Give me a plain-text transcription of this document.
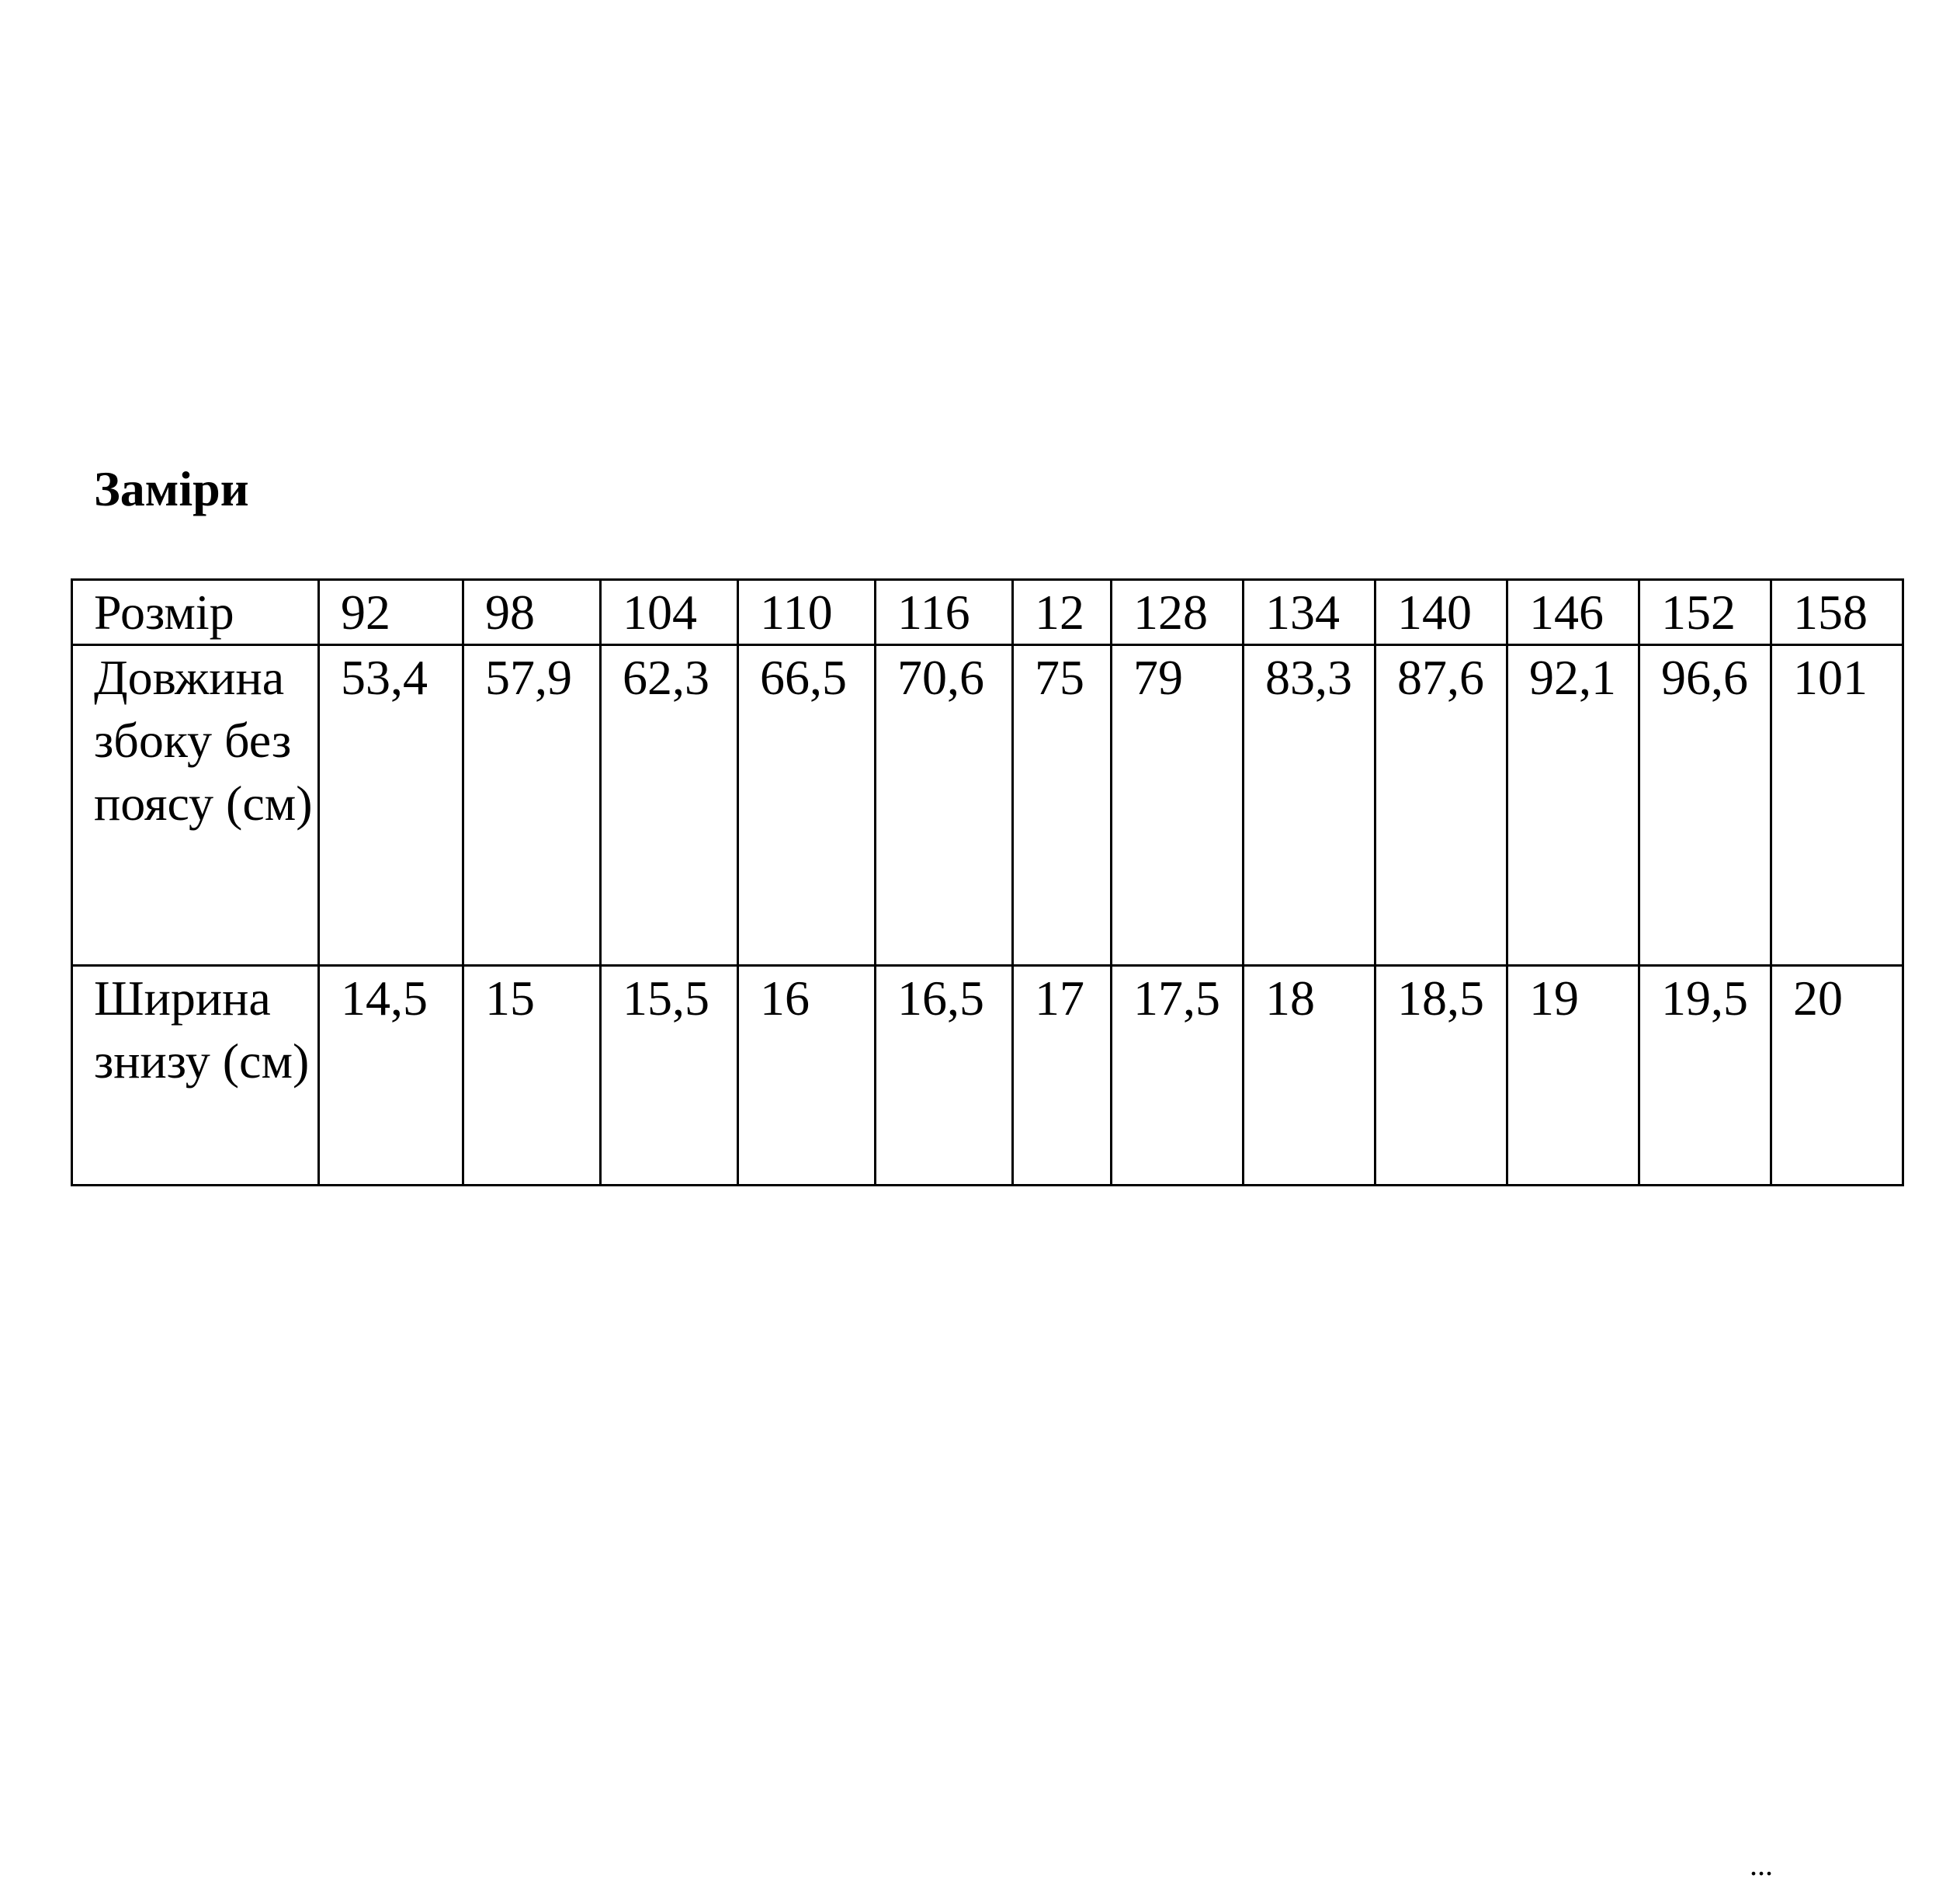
Заміри
Розмір	92	98	104	110	116	12	128	134	140	146	152	158
Довжина збоку без поясу (см)	53,4	57,9	62,3	66,5	70,6	75	79	83,3	87,6	92,1	96,6	101
Ширина знизу (см)	14,5	15	15,5	16	16,5	17	17,5	18	18,5	19	19,5	20
...
